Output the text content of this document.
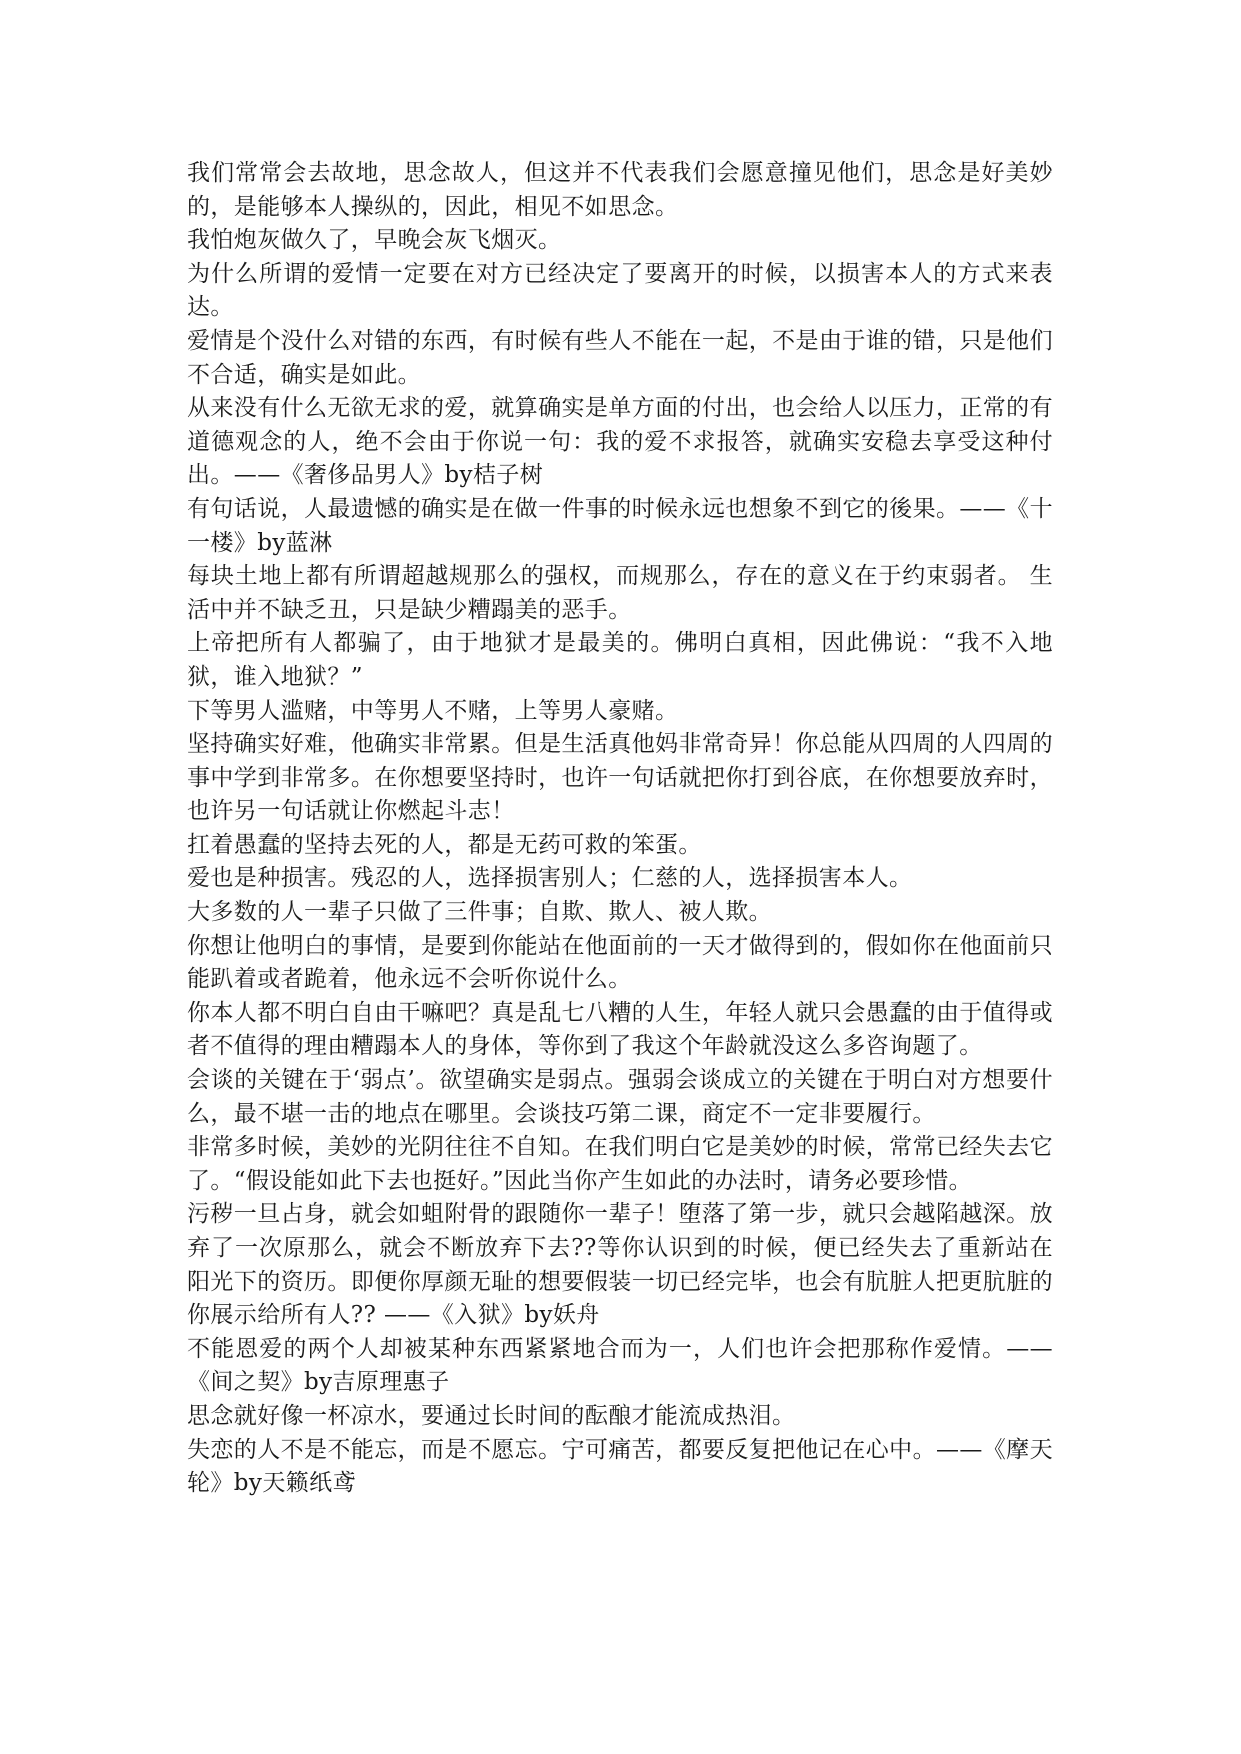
我们常常会去故地，思念故人，但这并不代表我们会愿意撞见他们，思念是好美妙的，是能够本人操纵的，因此，相见不如思念。

我怕炮灰做久了，早晚会灰飞烟灭。

为什么所谓的爱情一定要在对方已经决定了要离开的时候，以损害本人的方式来表达。

爱情是个没什么对错的东西，有时候有些人不能在一起，不是由于谁的错，只是他们不合适，确实是如此。

从来没有什么无欲无求的爱，就算确实是单方面的付出，也会给人以压力，正常的有道德观念的人，绝不会由于你说一句：我的爱不求报答，就确实安稳去享受这种付出。——《奢侈品男人》by桔子树

有句话说，人最遗憾的确实是在做一件事的时候永远也想象不到它的後果。——《十一楼》by蓝淋

每块土地上都有所谓超越规那么的强权，而规那么，存在的意义在于约束弱者。 生活中并不缺乏丑，只是缺少糟蹋美的恶手。

上帝把所有人都骗了，由于地狱才是最美的。佛明白真相，因此佛说：“我不入地狱，谁入地狱？”

下等男人滥赌，中等男人不赌，上等男人豪赌。

坚持确实好难，他确实非常累。但是生活真他妈非常奇异！你总能从四周的人四周的事中学到非常多。在你想要坚持时，也许一句话就把你打到谷底，在你想要放弃时，也许另一句话就让你燃起斗志！

扛着愚蠢的坚持去死的人，都是无药可救的笨蛋。

爱也是种损害。残忍的人，选择损害别人；仁慈的人，选择损害本人。

大多数的人一辈子只做了三件事；自欺、欺人、被人欺。

你想让他明白的事情，是要到你能站在他面前的一天才做得到的，假如你在他面前只能趴着或者跪着，他永远不会听你说什么。

你本人都不明白自由干嘛吧？真是乱七八糟的人生，年轻人就只会愚蠢的由于值得或者不值得的理由糟蹋本人的身体，等你到了我这个年龄就没这么多咨询题了。

会谈的关键在于‘弱点’。欲望确实是弱点。强弱会谈成立的关键在于明白对方想要什么，最不堪一击的地点在哪里。会谈技巧第二课，商定不一定非要履行。

非常多时候，美妙的光阴往往不自知。在我们明白它是美妙的时候，常常已经失去它了。“假设能如此下去也挺好。”因此当你产生如此的办法时，请务必要珍惜。

污秽一旦占身，就会如蛆附骨的跟随你一辈子！堕落了第一步，就只会越陷越深。放弃了一次原那么，就会不断放弃下去??等你认识到的时候，便已经失去了重新站在阳光下的资历。即便你厚颜无耻的想要假装一切已经完毕，也会有肮脏人把更肮脏的你展示给所有人?? ——《入狱》by妖舟

不能恩爱的两个人却被某种东西紧紧地合而为一，人们也许会把那称作爱情。——《间之契》by吉原理惠子

思念就好像一杯凉水，要通过长时间的酝酿才能流成热泪。

失恋的人不是不能忘，而是不愿忘。宁可痛苦，都要反复把他记在心中。——《摩天轮》by天籁纸鸢
